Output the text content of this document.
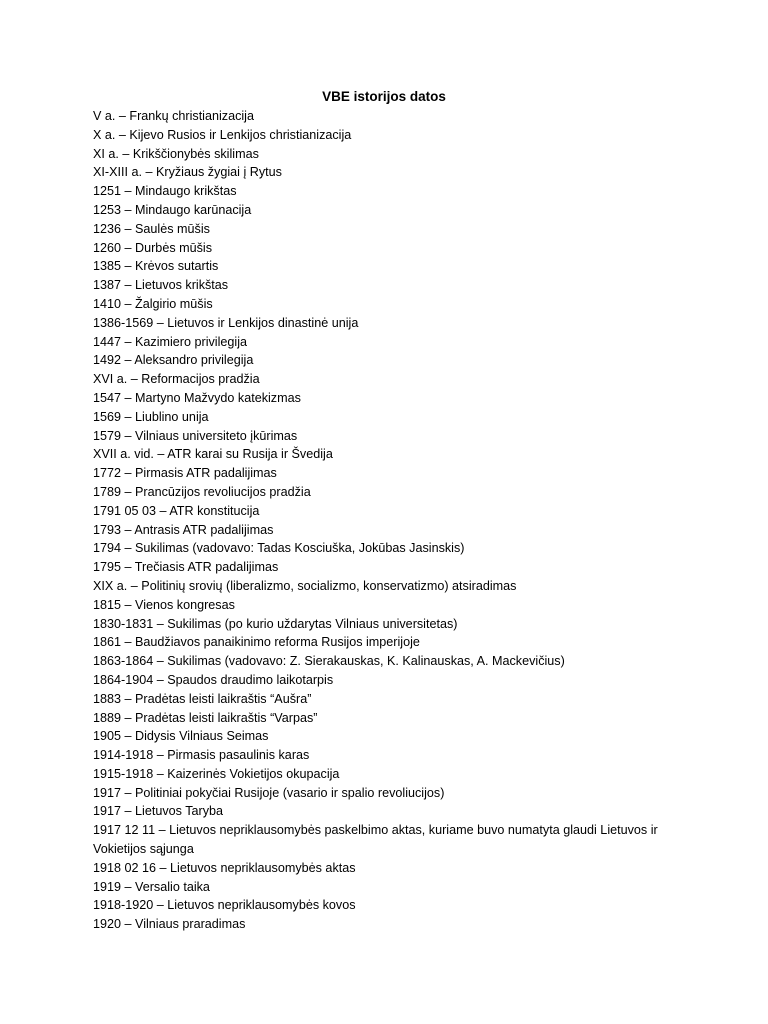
VBE istorijos datos
V a. – Frankų christianizacija
X a. – Kijevo Rusios ir Lenkijos christianizacija
XI a. – Krikščionybės skilimas
XI-XIII a. – Kryžiaus žygiai į Rytus
1251 – Mindaugo krikštas
1253 – Mindaugo karūnacija
1236 – Saulės mūšis
1260 – Durbės mūšis
1385 – Krėvos sutartis
1387 – Lietuvos krikštas
1410 – Žalgirio mūšis
1386-1569 – Lietuvos ir Lenkijos dinastinė unija
1447 – Kazimiero privilegija
1492 – Aleksandro privilegija
XVI a. – Reformacijos pradžia
1547 – Martyno Mažvydo katekizmas
1569 – Liublino unija
1579 – Vilniaus universiteto įkūrimas
XVII a. vid. – ATR karai su Rusija ir Švedija
1772 – Pirmasis ATR padalijimas
1789 – Prancūzijos revoliucijos pradžia
1791 05 03 – ATR konstitucija
1793 – Antrasis ATR padalijimas
1794 – Sukilimas (vadovavo: Tadas Kosciuška, Jokūbas Jasinskis)
1795 – Trečiasis ATR padalijimas
XIX a. – Politinių srovių (liberalizmo, socializmo, konservatizmo) atsiradimas
1815 – Vienos kongresas
1830-1831 – Sukilimas (po kurio uždarytas Vilniaus universitetas)
1861 – Baudžiavos panaikinimo reforma Rusijos imperijoje
1863-1864 – Sukilimas (vadovavo: Z. Sierakauskas, K. Kalinauskas, A. Mackevičius)
1864-1904 – Spaudos draudimo laikotarpis
1883 – Pradėtas leisti laikraštis “Aušra”
1889 – Pradėtas leisti laikraštis “Varpas”
1905 – Didysis Vilniaus Seimas
1914-1918 – Pirmasis pasaulinis karas
1915-1918 – Kaizerinės Vokietijos okupacija
1917 – Politiniai pokyčiai Rusijoje (vasario ir spalio revoliucijos)
1917 – Lietuvos Taryba
1917 12 11 – Lietuvos nepriklausomybės paskelbimo aktas, kuriame buvo numatyta glaudi Lietuvos ir Vokietijos sąjunga
1918 02 16 – Lietuvos nepriklausomybės aktas
1919 – Versalio taika
1918-1920 – Lietuvos nepriklausomybės kovos
1920 – Vilniaus praradimas
